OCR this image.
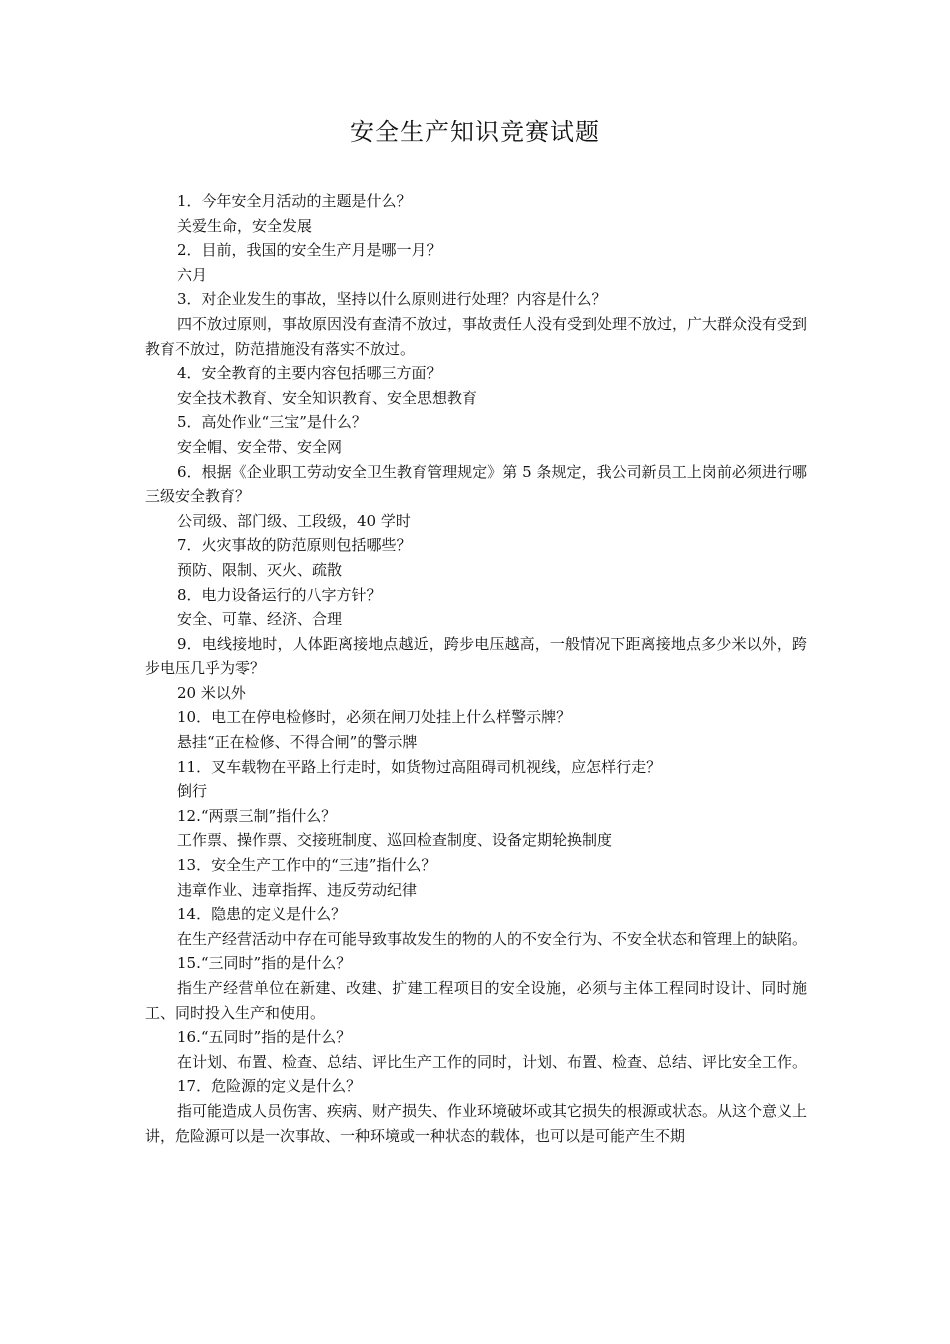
安全生产知识竞赛试题

1．今年安全月活动的主题是什么？

关爱生命，安全发展

2．目前，我国的安全生产月是哪一月？

六月

3．对企业发生的事故，坚持以什么原则进行处理？内容是什么？

四不放过原则，事故原因没有查清不放过，事故责任人没有受到处理不放过，广大群众没有受到教育不放过，防范措施没有落实不放过。

4．安全教育的主要内容包括哪三方面？

安全技术教育、安全知识教育、安全思想教育

5．高处作业“三宝”是什么？

安全帽、安全带、安全网

6．根据《企业职工劳动安全卫生教育管理规定》第 5 条规定，我公司新员工上岗前必须进行哪三级安全教育？

公司级、部门级、工段级，40 学时

7．火灾事故的防范原则包括哪些？

预防、限制、灭火、疏散

8．电力设备运行的八字方针？

安全、可靠、经济、合理

9．电线接地时，人体距离接地点越近，跨步电压越高，一般情况下距离接地点多少米以外，跨步电压几乎为零？

20 米以外

10．电工在停电检修时，必须在闸刀处挂上什么样警示牌？

悬挂“正在检修、不得合闸”的警示牌

11．叉车载物在平路上行走时，如货物过高阻碍司机视线，应怎样行走？

倒行

12.“两票三制”指什么？

工作票、操作票、交接班制度、巡回检查制度、设备定期轮换制度

13．安全生产工作中的“三违”指什么？

违章作业、违章指挥、违反劳动纪律

14．隐患的定义是什么？

在生产经营活动中存在可能导致事故发生的物的人的不安全行为、不安全状态和管理上的缺陷。

15.“三同时”指的是什么？

指生产经营单位在新建、改建、扩建工程项目的安全设施，必须与主体工程同时设计、同时施工、同时投入生产和使用。

16.“五同时”指的是什么？

在计划、布置、检查、总结、评比生产工作的同时，计划、布置、检查、总结、评比安全工作。

17．危险源的定义是什么？

指可能造成人员伤害、疾病、财产损失、作业环境破坏或其它损失的根源或状态。从这个意义上讲，危险源可以是一次事故、一种环境或一种状态的载体，也可以是可能产生不期
